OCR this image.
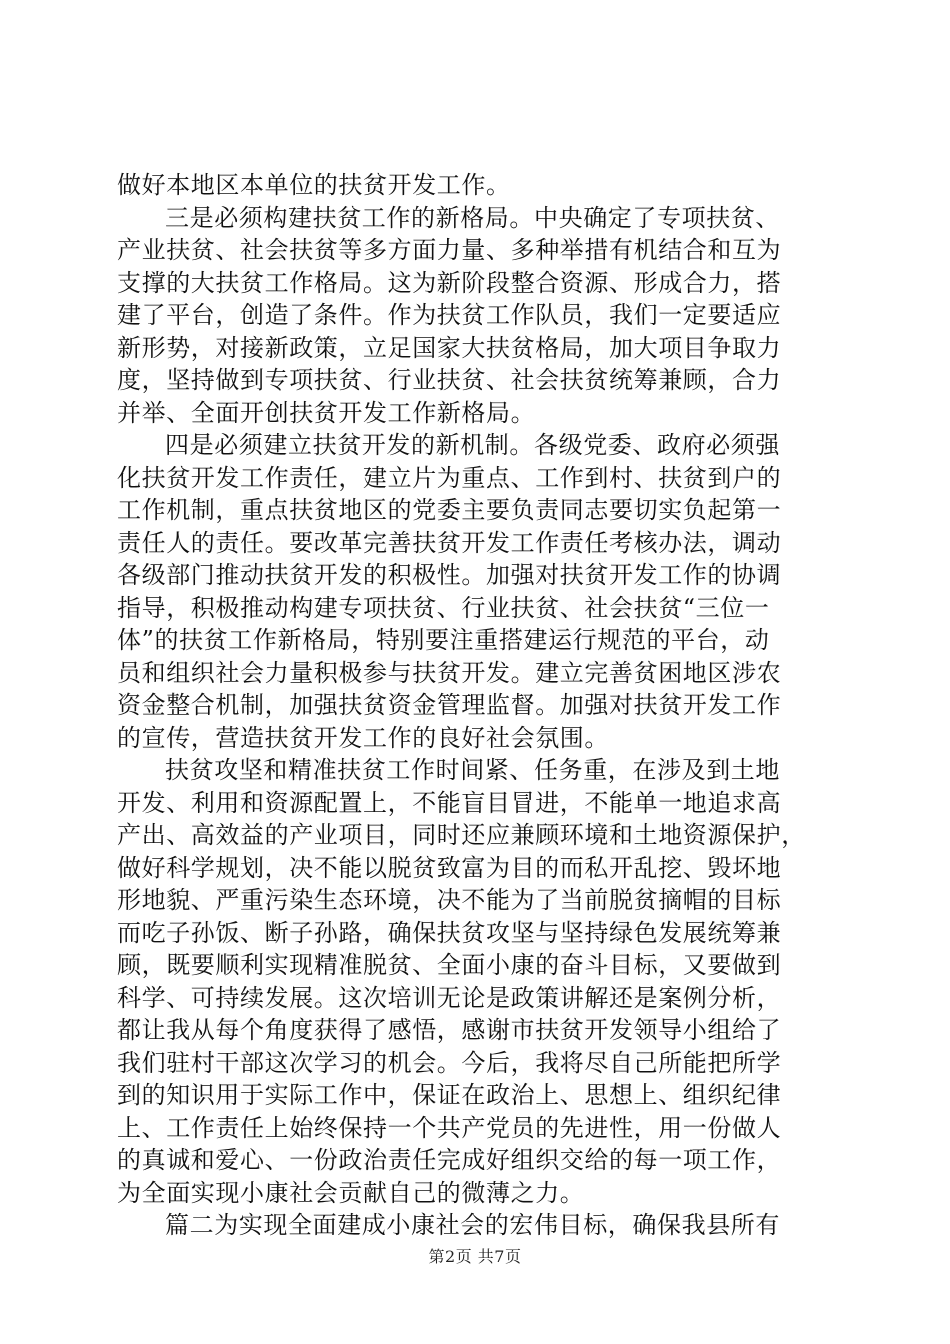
做好本地区本单位的扶贫开发工作。
三是必须构建扶贫工作的新格局。中央确定了专项扶贫、
产业扶贫、社会扶贫等多方面力量、多种举措有机结合和互为
支撑的大扶贫工作格局。这为新阶段整合资源、形成合力，搭
建了平台，创造了条件。作为扶贫工作队员，我们一定要适应
新形势，对接新政策，立足国家大扶贫格局，加大项目争取力
度，坚持做到专项扶贫、行业扶贫、社会扶贫统筹兼顾，合力
并举、全面开创扶贫开发工作新格局。
四是必须建立扶贫开发的新机制。各级党委、政府必须强
化扶贫开发工作责任，建立片为重点、工作到村、扶贫到户的
工作机制，重点扶贫地区的党委主要负责同志要切实负起第一
责任人的责任。要改革完善扶贫开发工作责任考核办法，调动
各级部门推动扶贫开发的积极性。加强对扶贫开发工作的协调
指导，积极推动构建专项扶贫、行业扶贫、社会扶贫“三位一
体”的扶贫工作新格局，特别要注重搭建运行规范的平台，动
员和组织社会力量积极参与扶贫开发。建立完善贫困地区涉农
资金整合机制，加强扶贫资金管理监督。加强对扶贫开发工作
的宣传，营造扶贫开发工作的良好社会氛围。
扶贫攻坚和精准扶贫工作时间紧、任务重，在涉及到土地
开发、利用和资源配置上，不能盲目冒进，不能单一地追求高
产出、高效益的产业项目，同时还应兼顾环境和土地资源保护，
做好科学规划，决不能以脱贫致富为目的而私开乱挖、毁坏地
形地貌、严重污染生态环境，决不能为了当前脱贫摘帽的目标
而吃子孙饭、断子孙路，确保扶贫攻坚与坚持绿色发展统筹兼
顾，既要顺利实现精准脱贫、全面小康的奋斗目标，又要做到
科学、可持续发展。这次培训无论是政策讲解还是案例分析，
都让我从每个角度获得了感悟，感谢市扶贫开发领导小组给了
我们驻村干部这次学习的机会。今后，我将尽自己所能把所学
到的知识用于实际工作中，保证在政治上、思想上、组织纪律
上、工作责任上始终保持一个共产党员的先进性，用一份做人
的真诚和爱心、一份政治责任完成好组织交给的每一项工作，
为全面实现小康社会贡献自己的微薄之力。
篇二为实现全面建成小康社会的宏伟目标，确保我县所有
第2页 共7页
